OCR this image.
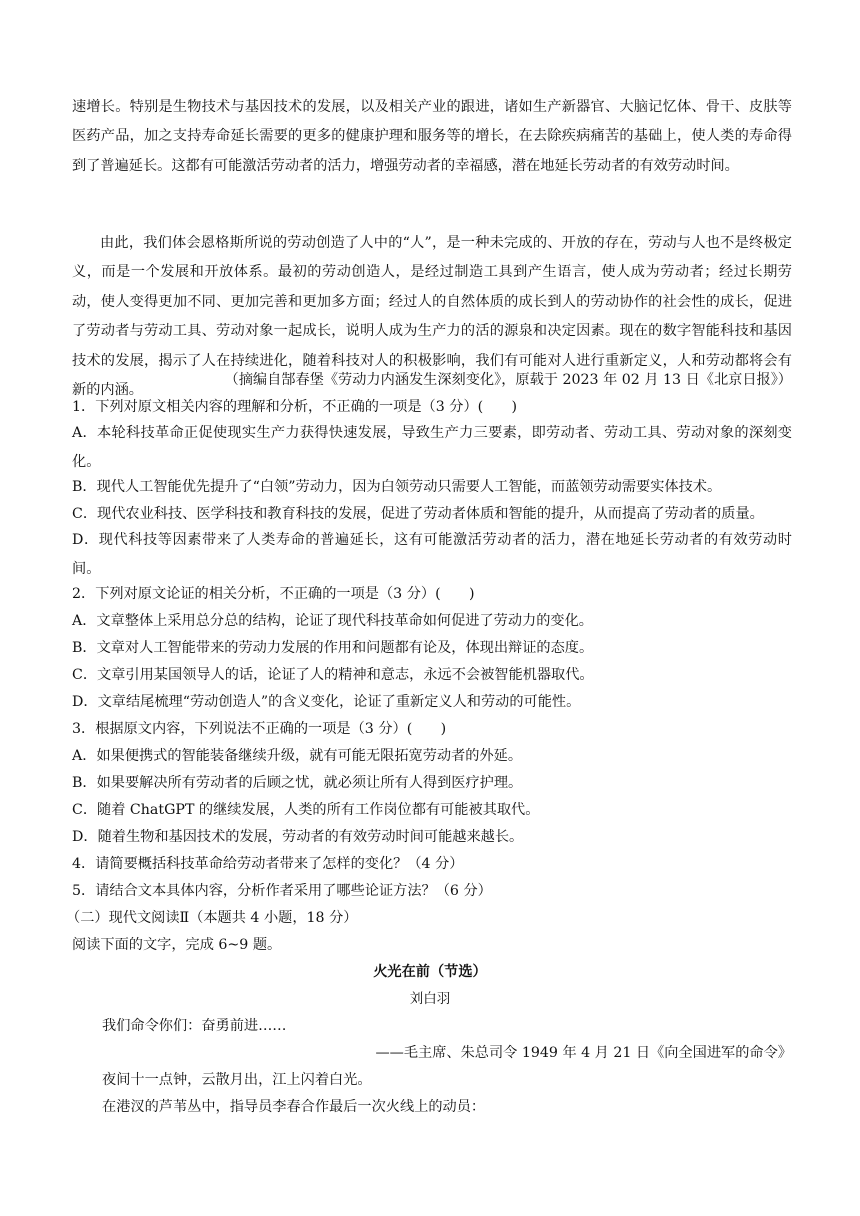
速增长。特别是生物技术与基因技术的发展，以及相关产业的跟进，诸如生产新器官、大脑记忆体、骨干、皮肤等医药产品，加之支持寿命延长需要的更多的健康护理和服务等的增长，在去除疾病痛苦的基础上，使人类的寿命得到了普遍延长。这都有可能激活劳动者的活力，增强劳动者的幸福感，潜在地延长劳动者的有效劳动时间。

由此，我们体会恩格斯所说的劳动创造了人中的“人”，是一种未完成的、开放的存在，劳动与人也不是终极定义，而是一个发展和开放体系。最初的劳动创造人，是经过制造工具到产生语言，使人成为劳动者；经过长期劳动，使人变得更加不同、更加完善和更加多方面；经过人的自然体质的成长到人的劳动协作的社会性的成长，促进了劳动者与劳动工具、劳动对象一起成长，说明人成为生产力的活的源泉和决定因素。现在的数字智能科技和基因技术的发展，揭示了人在持续进化，随着科技对人的积极影响，我们有可能对人进行重新定义，人和劳动都将会有新的内涵。

（摘编自郜春堡《劳动力内涵发生深刻变化》，原载于 2023 年 02 月 13 日《北京日报》）

1．下列对原文相关内容的理解和分析，不正确的一项是（3 分）(　　)

A．本轮科技革命正促使现实生产力获得快速发展，导致生产力三要素，即劳动者、劳动工具、劳动对象的深刻变化。

B．现代人工智能优先提升了“白领”劳动力，因为白领劳动只需要人工智能，而蓝领劳动需要实体技术。

C．现代农业科技、医学科技和教育科技的发展，促进了劳动者体质和智能的提升，从而提高了劳动者的质量。

D．现代科技等因素带来了人类寿命的普遍延长，这有可能激活劳动者的活力，潜在地延长劳动者的有效劳动时间。

2．下列对原文论证的相关分析，不正确的一项是（3 分）(　　)

A．文章整体上采用总分总的结构，论证了现代科技革命如何促进了劳动力的变化。

B．文章对人工智能带来的劳动力发展的作用和问题都有论及，体现出辩证的态度。

C．文章引用某国领导人的话，论证了人的精神和意志，永远不会被智能机器取代。

D．文章结尾梳理“劳动创造人”的含义变化，论证了重新定义人和劳动的可能性。

3．根据原文内容，下列说法不正确的一项是（3 分）(　　)

A．如果便携式的智能装备继续升级，就有可能无限拓宽劳动者的外延。

B．如果要解决所有劳动者的后顾之忧，就必须让所有人得到医疗护理。

C．随着 ChatGPT 的继续发展，人类的所有工作岗位都有可能被其取代。

D．随着生物和基因技术的发展，劳动者的有效劳动时间可能越来越长。

4．请简要概括科技革命给劳动者带来了怎样的变化？（4 分）

5．请结合文本具体内容，分析作者采用了哪些论证方法？（6 分）

（二）现代文阅读Ⅱ（本题共 4 小题，18 分）

阅读下面的文字，完成 6~9 题。

火光在前（节选）

刘白羽

我们命令你们：奋勇前进……

——毛主席、朱总司令 1949 年 4 月 21 日《向全国进军的命令》

夜间十一点钟，云散月出，江上闪着白光。

在港汊的芦苇丛中，指导员李春合作最后一次火线上的动员：
